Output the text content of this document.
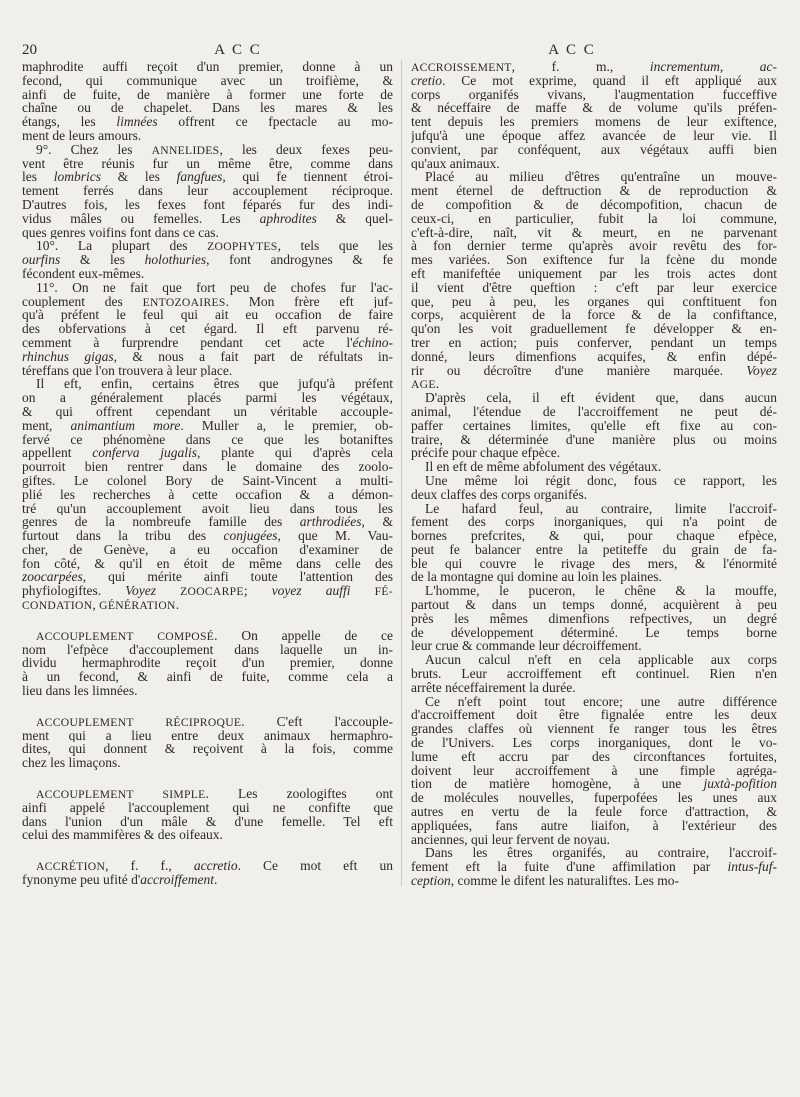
20	A C C	A C C
maphrodite auffi reçoit d'un premier, donne à un
fecond, qui communique avec un troifième, &
ainfi de fuite, de manière à former une forte de
chaîne ou de chapelet. Dans les mares & les
étangs, les limnées offrent ce fpectacle au mo-
ment de leurs amours.
9°. Chez les ANNELIDES, les deux fexes peu-
vent être réunis fur un même être, comme dans
les lombrics & les fangfues, qui fe tiennent étroi-
tement ferrés dans leur accouplement réciproque.
D'autres fois, les fexes font féparés fur des indi-
vidus mâles ou femelles. Les aphrodites & quel-
ques genres voifins font dans ce cas.
10°. La plupart des ZOOPHYTES, tels que les
ourfins & les holothuries, font androgynes & fe
fécondent eux-mêmes.
11°. On ne fait que fort peu de chofes fur l'ac-
couplement des ENTOZOAIRES. Mon frère eft juf-
qu'à préfent le feul qui ait eu occafion de faire
des obfervations à cet égard. Il eft parvenu ré-
cemment à furprendre pendant cet acte l'échino-
rhinchus gigas, & nous a fait part de réfultats in-
téreffans que l'on trouvera à leur place.
Il eft, enfin, certains êtres que jufqu'à préfent
on a généralement placés parmi les végétaux,
& qui offrent cependant un véritable accouple-
ment, animantium more. Muller a, le premier, ob-
fervé ce phénomène dans ce que les botaniftes
appellent conferva jugalis, plante qui d'après cela
pourroit bien rentrer dans le domaine des zoolo-
giftes. Le colonel Bory de Saint-Vincent a multi-
plié les recherches à cette occafion & a démon-
tré qu'un accouplement avoit lieu dans tous les
genres de la nombreufe famille des arthrodiées, &
furtout dans la tribu des conjugées, que M. Vau-
cher, de Genève, a eu occafion d'examiner de
fon côté, & qu'il en étoit de même dans celle des
zoocarpées, qui mérite ainfi toute l'attention des
phyfiologiftes. Voyez ZOOCARPE; voyez auffi FÉ-
CONDATION, GÉNÉRATION.
ACCOUPLEMENT COMPOSÉ. On appelle de ce
nom l'efpèce d'accouplement dans laquelle un in-
dividu hermaphrodite reçoit d'un premier, donne
à un fecond, & ainfi de fuite, comme cela a
lieu dans les limnées.
ACCOUPLEMENT RÉCIPROQUE. C'eft l'accouple-
ment qui a lieu entre deux animaux hermaphro-
dites, qui donnent & reçoivent à la fois, comme
chez les limaçons.
ACCOUPLEMENT SIMPLE. Les zoologiftes ont
ainfi appelé l'accouplement qui ne confifte que
dans l'union d'un mâle & d'une femelle. Tel eft
celui des mammifères & des oifeaux.
ACCRÉTION, f. f., accretio. Ce mot eft un
fynonyme peu ufité d'accroiffement.
ACCROISSEMENT, f. m., incrementum, ac-
cretio. Ce mot exprime, quand il eft appliqué aux
corps organifés vivans, l'augmentation fucceffive
& néceffaire de maffe & de volume qu'ils préfen-
tent depuis les premiers momens de leur exiftence,
jufqu'à une époque affez avancée de leur vie. Il
convient, par conféquent, aux végétaux auffi bien
qu'aux animaux.
Placé au milieu d'êtres qu'entraîne un mouve-
ment éternel de deftruction & de reproduction &
de compofition & de décompofition, chacun de
ceux-ci, en particulier, fubit la loi commune,
c'eft-à-dire, naît, vit & meurt, en ne parvenant
à fon dernier terme qu'après avoir revêtu des for-
mes variées. Son exiftence fur la fcène du monde
eft manifeftée uniquement par les trois actes dont
il vient d'être queftion : c'eft par leur exercice
que, peu à peu, les organes qui conftituent fon
corps, acquièrent de la force & de la confiftance,
qu'on les voit graduellement fe développer & en-
trer en action; puis conferver, pendant un temps
donné, leurs dimenfions acquifes, & enfin dépé-
rir ou décroître d'une manière marquée. Voyez
AGE.
D'après cela, il eft évident que, dans aucun
animal, l'étendue de l'accroiffement ne peut dé-
paffer certaines limites, qu'elle eft fixe au con-
traire, & déterminée d'une manière plus ou moins
précife pour chaque efpèce.
Il en eft de même abfolument des végétaux.
Une même loi régit donc, fous ce rapport, les
deux claffes des corps organifés.
Le hafard feul, au contraire, limite l'accroif-
fement des corps inorganiques, qui n'a point de
bornes prefcrites, & qui, pour chaque efpèce,
peut fe balancer entre la petiteffe du grain de fa-
ble qui couvre le rivage des mers, & l'énormité
de la montagne qui domine au loin les plaines.
L'homme, le puceron, le chêne & la mouffe,
partout & dans un temps donné, acquièrent à peu
près les mêmes dimenfions refpectives, un degré
de développement déterminé. Le temps borne
leur crue & commande leur décroiffement.
Aucun calcul n'eft en cela applicable aux corps
bruts. Leur accroiffement eft continuel. Rien n'en
arrête néceffairement la durée.
Ce n'eft point tout encore; une autre différence
d'accroiffement doit être fignalée entre les deux
grandes claffes où viennent fe ranger tous les êtres
de l'Univers. Les corps inorganiques, dont le vo-
lume eft accru par des circonftances fortuites,
doivent leur accroiffement à une fimple agréga-
tion de matière homogène, à une juxtà-pofition
de molécules nouvelles, fuperpofées les unes aux
autres en vertu de la feule force d'attraction, &
appliquées, fans autre liaifon, à l'extérieur des
anciennes, qui leur fervent de noyau.
Dans les êtres organifés, au contraire, l'accroif-
fement eft la fuite d'une affimilation par intus-fuf-
ception, comme le difent les naturaliftes. Les mo-
